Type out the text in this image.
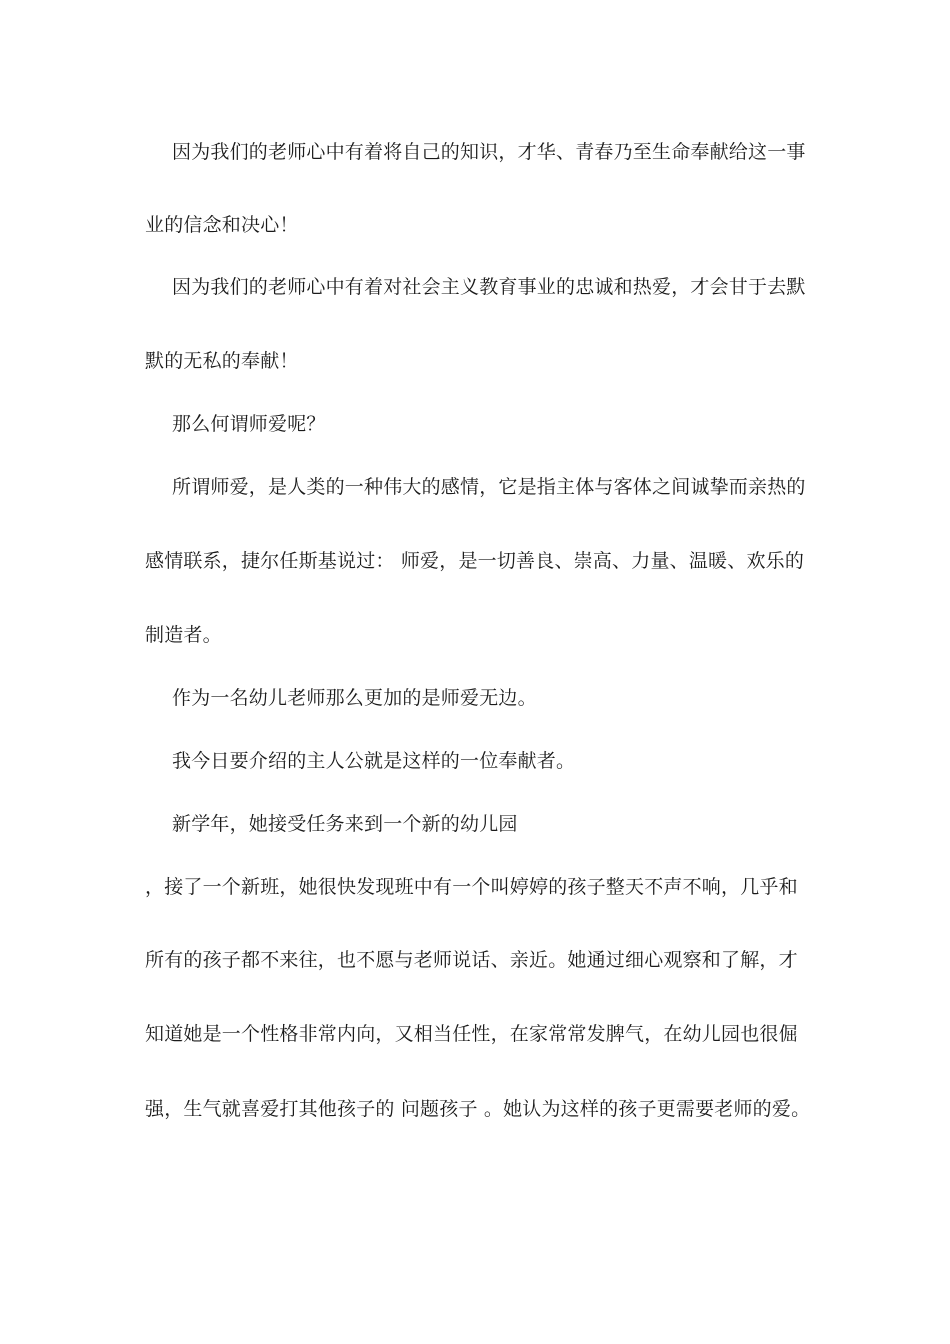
因为我们的老师心中有着将自己的知识，才华、青春乃至生命奉献给这一事
业的信念和决心！
因为我们的老师心中有着对社会主义教育事业的忠诚和热爱，才会甘于去默
默的无私的奉献！
那么何谓师爱呢？
所谓师爱，是人类的一种伟大的感情，它是指主体与客体之间诚挚而亲热的
感情联系，捷尔任斯基说过： 师爱，是一切善良、崇高、力量、温暖、欢乐的
制造者。
作为一名幼儿老师那么更加的是师爱无边。
我今日要介绍的主人公就是这样的一位奉献者。
新学年，她接受任务来到一个新的幼儿园
，接了一个新班，她很快发现班中有一个叫婷婷的孩子整天不声不响，几乎和
所有的孩子都不来往，也不愿与老师说话、亲近。她通过细心观察和了解，才
知道她是一个性格非常内向，又相当任性，在家常常发脾气，在幼儿园也很倔
强，生气就喜爱打其他孩子的 问题孩子 。她认为这样的孩子更需要老师的爱。
